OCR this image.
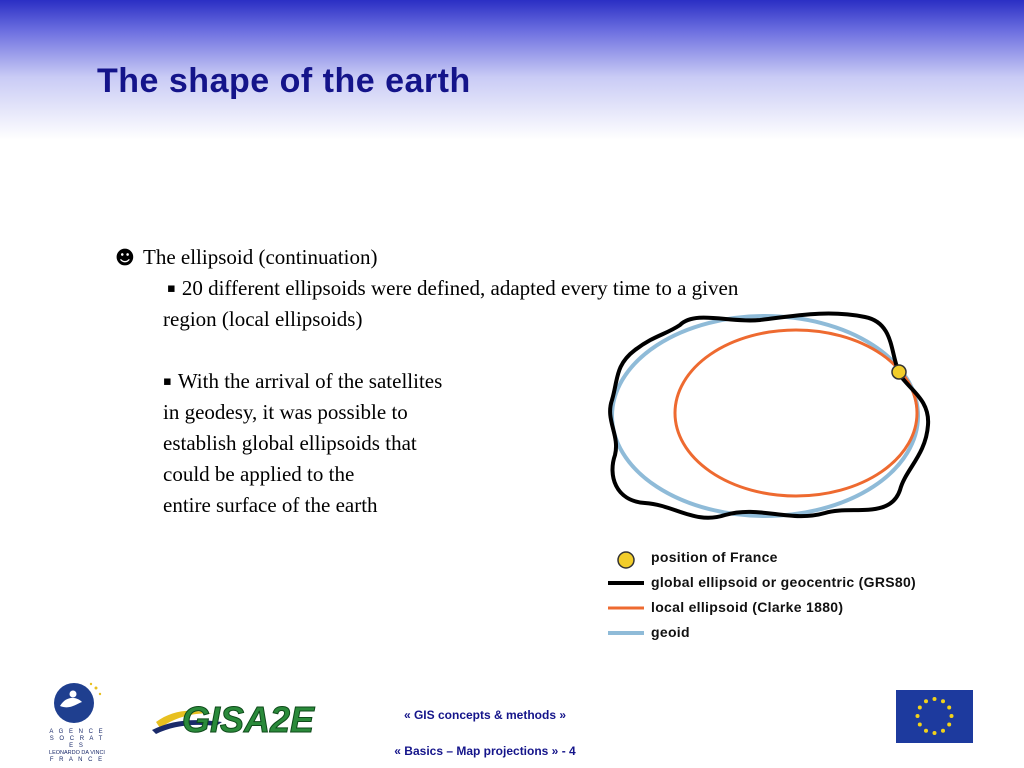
The shape of the earth
☻ The ellipsoid (continuation)
▪ 20 different ellipsoids were defined, adapted every time to a given
region (local ellipsoids)
▪ With the arrival of the satellites
in geodesy, it was possible to
establish global ellipsoids that
could be applied to the
entire surface of the earth
position of France
global ellipsoid or geocentric (GRS80)
local ellipsoid (Clarke 1880)
geoid
A G E N C E
S O C R A T E S
LEONARDO DA VINCI
F R A N C E
GISA2E	« GIS concepts & methods »
« Basics – Map projections » - 4
